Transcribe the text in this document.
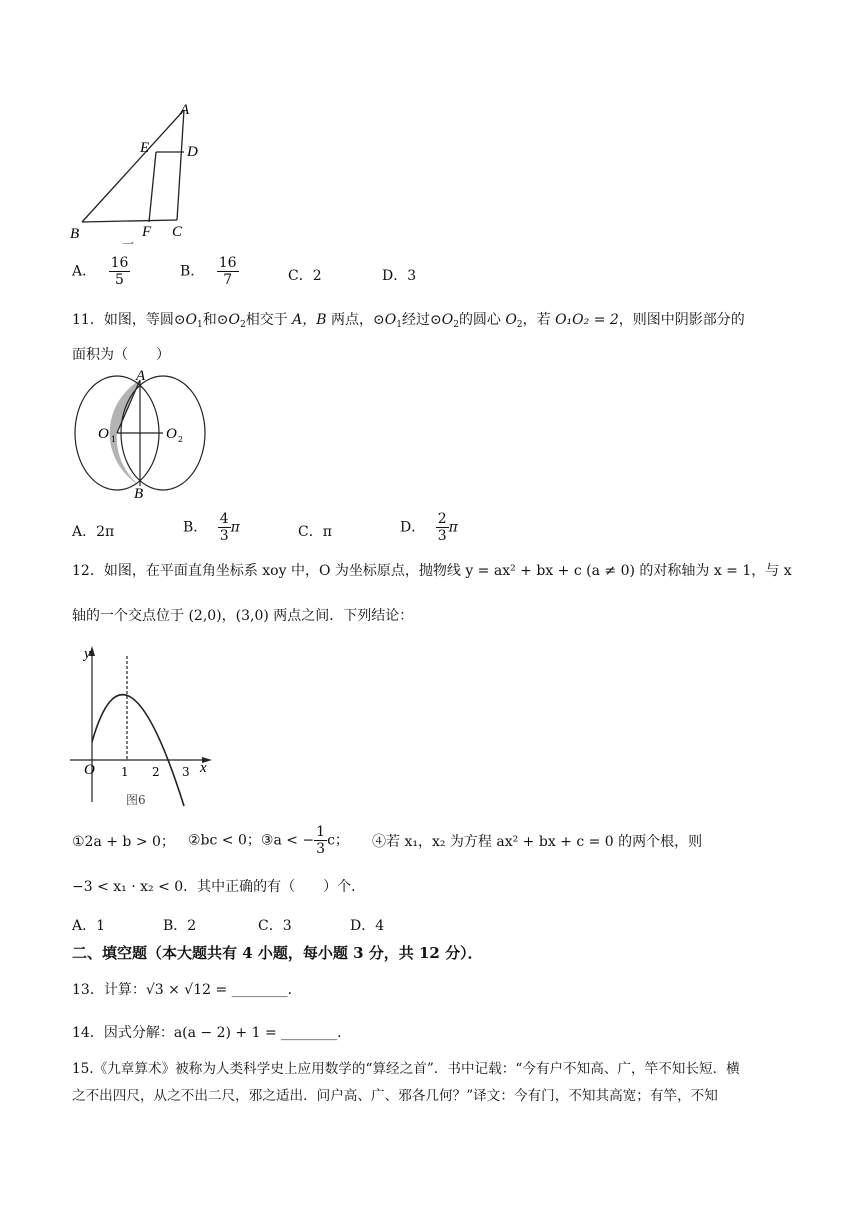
A
E	D
B	F C
一
A． $\frac{16}{5}$	B． $\frac{16}{7}$	C．2	D．3
11．如图，等圆$⊙O_1$和$⊙O_2$相交于 A，B 两点，$⊙O_1$经过$⊙O_2$的圆心 $O_2$，若 O₁O₂ = 2，则图中阴影部分的
面积为（　　）
A
B
O 1	O 2
A．2π	B． $\frac{4}{3}$ π	C．π	D． $\frac{2}{3}$ π
12．如图，在平面直角坐标系 xoy 中，O 为坐标原点，抛物线 y = ax² + bx + c (a ≠ 0) 的对称轴为 x = 1，与 x
轴的一个交点位于 (2,0)，(3,0) 两点之间．下列结论：
y
x
O 1 2 3
图6
①2a + b > 0； ②bc < 0；③a < − $\frac{1}{3}$ c； ④若 x₁，x₂ 为方程 ax² + bx + c = 0 的两个根，则
−3 < x₁ · x₂ < 0．其中正确的有（　　）个．
A．1	B．2	C．3	D．4
二、填空题（本大题共有 4 小题，每小题 3 分，共 12 分）．
13．计算：√3 × √12 = ________．
14．因式分解：a(a − 2) + 1 = ________．
15.《九章算术》被称为人类科学史上应用数学的“算经之首”．书中记载：“今有户不知高、广，竿不知长短．横
之不出四尺，从之不出二尺，邪之适出．问户高、广、邪各几何？”译文：今有门，不知其高宽；有竿，不知
